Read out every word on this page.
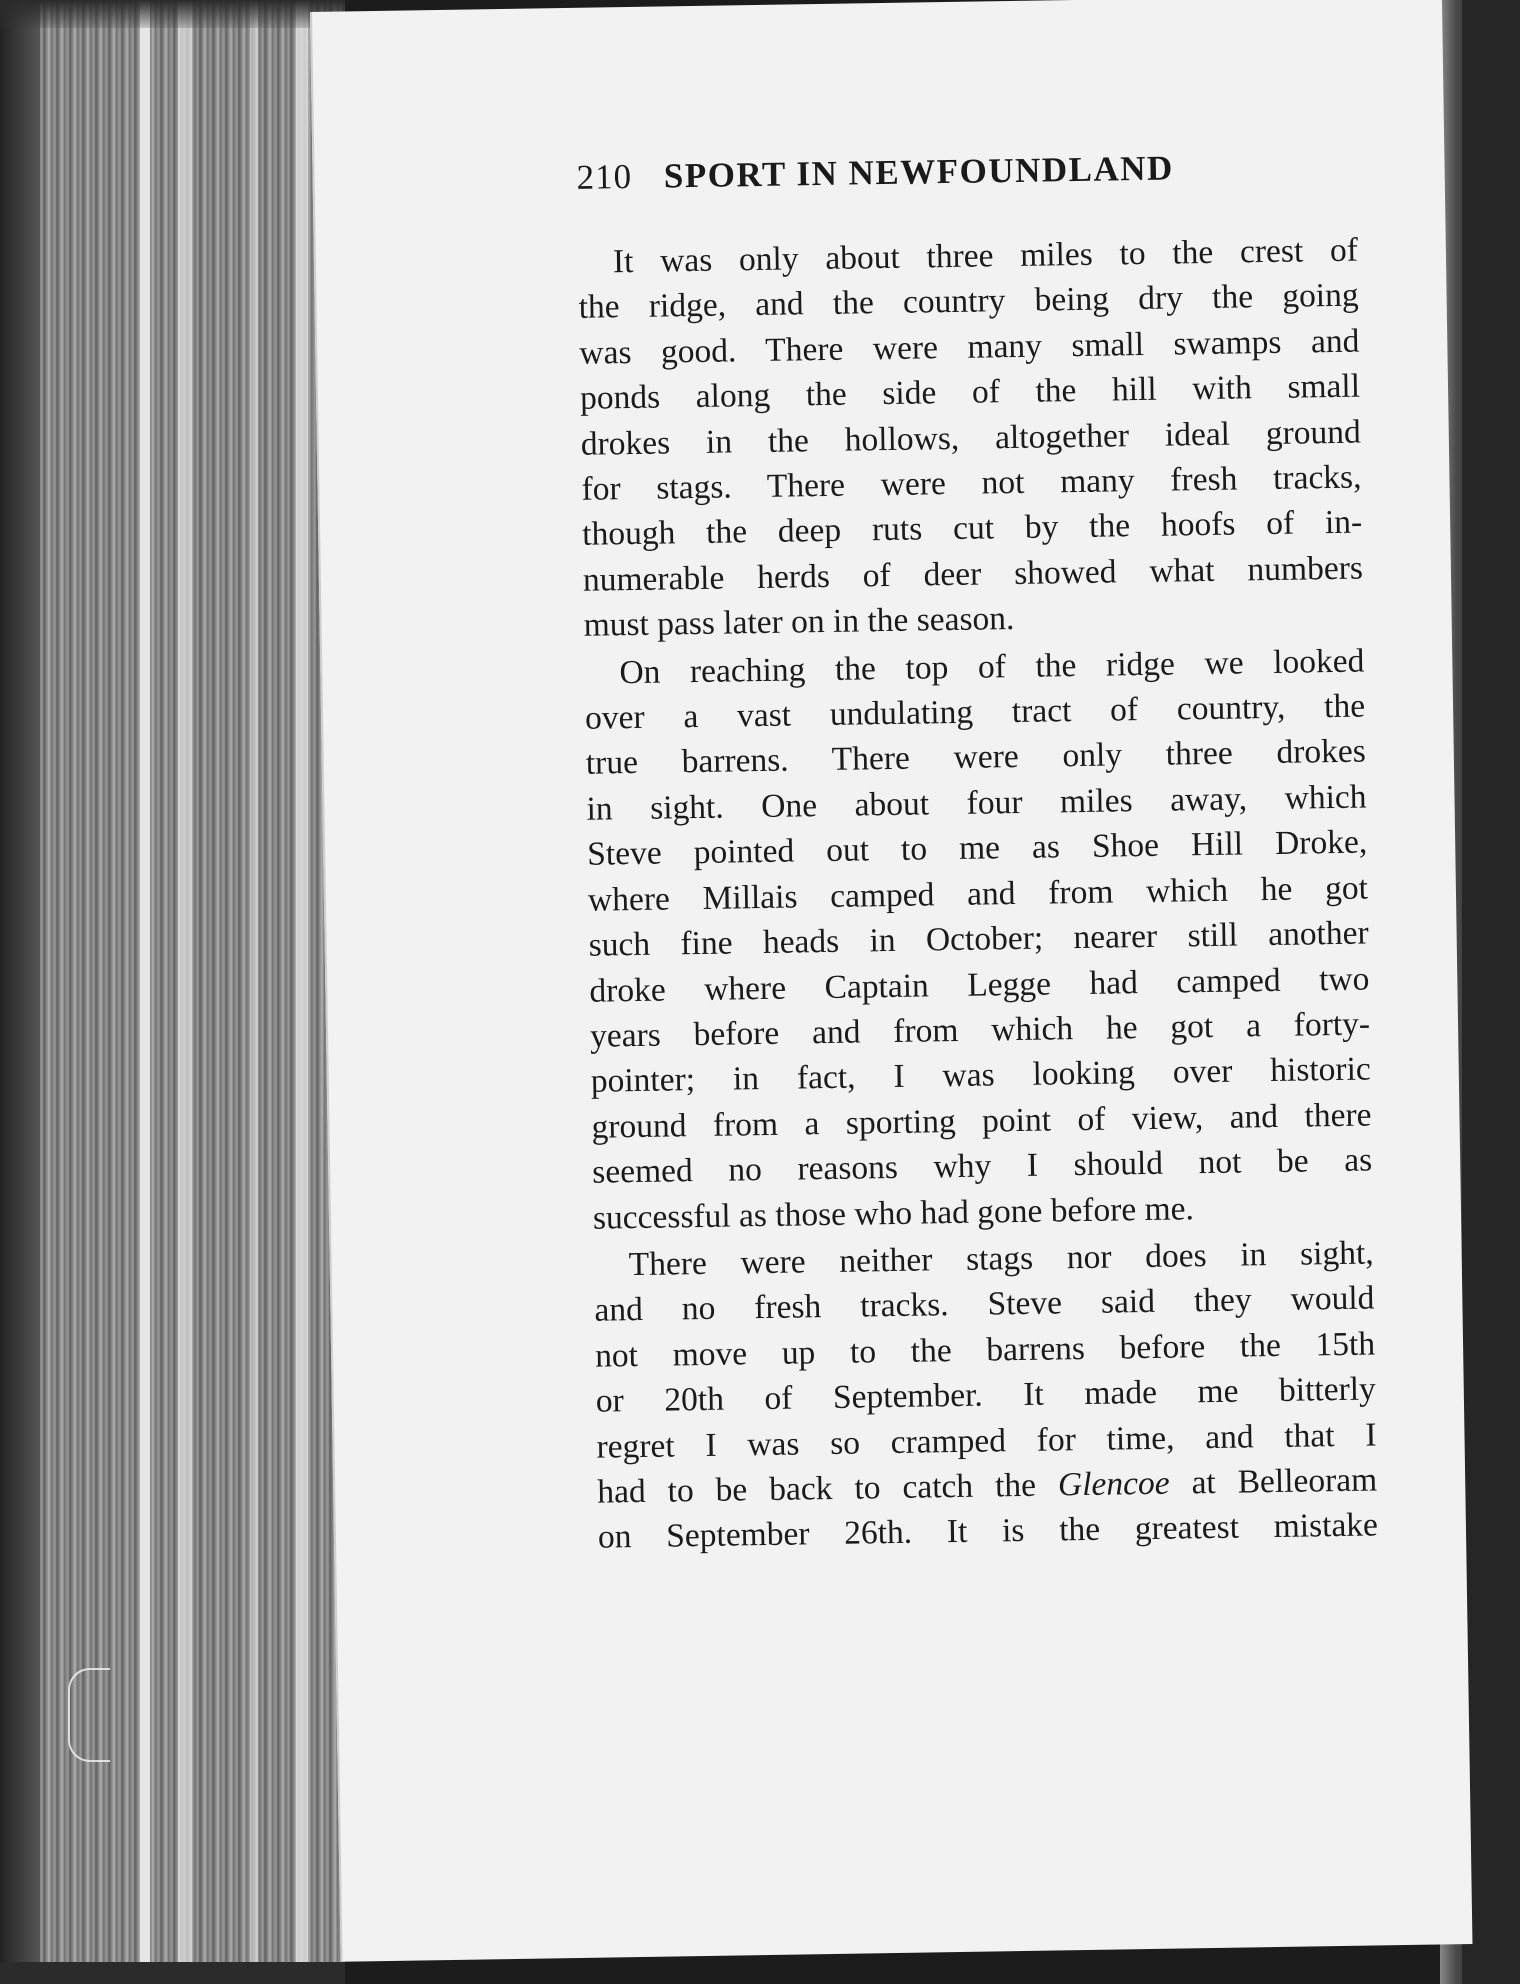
210 SPORT IN NEWFOUNDLAND

It was only about three miles to the crest of
the ridge, and the country being dry the going
was good. There were many small swamps and
ponds along the side of the hill with small
drokes in the hollows, altogether ideal ground
for stags. There were not many fresh tracks,
though the deep ruts cut by the hoofs of in-
numerable herds of deer showed what numbers
must pass later on in the season.

On reaching the top of the ridge we looked
over a vast undulating tract of country, the
true barrens. There were only three drokes
in sight. One about four miles away, which
Steve pointed out to me as Shoe Hill Droke,
where Millais camped and from which he got
such fine heads in October; nearer still another
droke where Captain Legge had camped two
years before and from which he got a forty-
pointer; in fact, I was looking over historic
ground from a sporting point of view, and there
seemed no reasons why I should not be as
successful as those who had gone before me.

There were neither stags nor does in sight,
and no fresh tracks. Steve said they would
not move up to the barrens before the 15th
or 20th of September. It made me bitterly
regret I was so cramped for time, and that I
had to be back to catch the Glencoe at Belleoram
on September 26th. It is the greatest mistake
